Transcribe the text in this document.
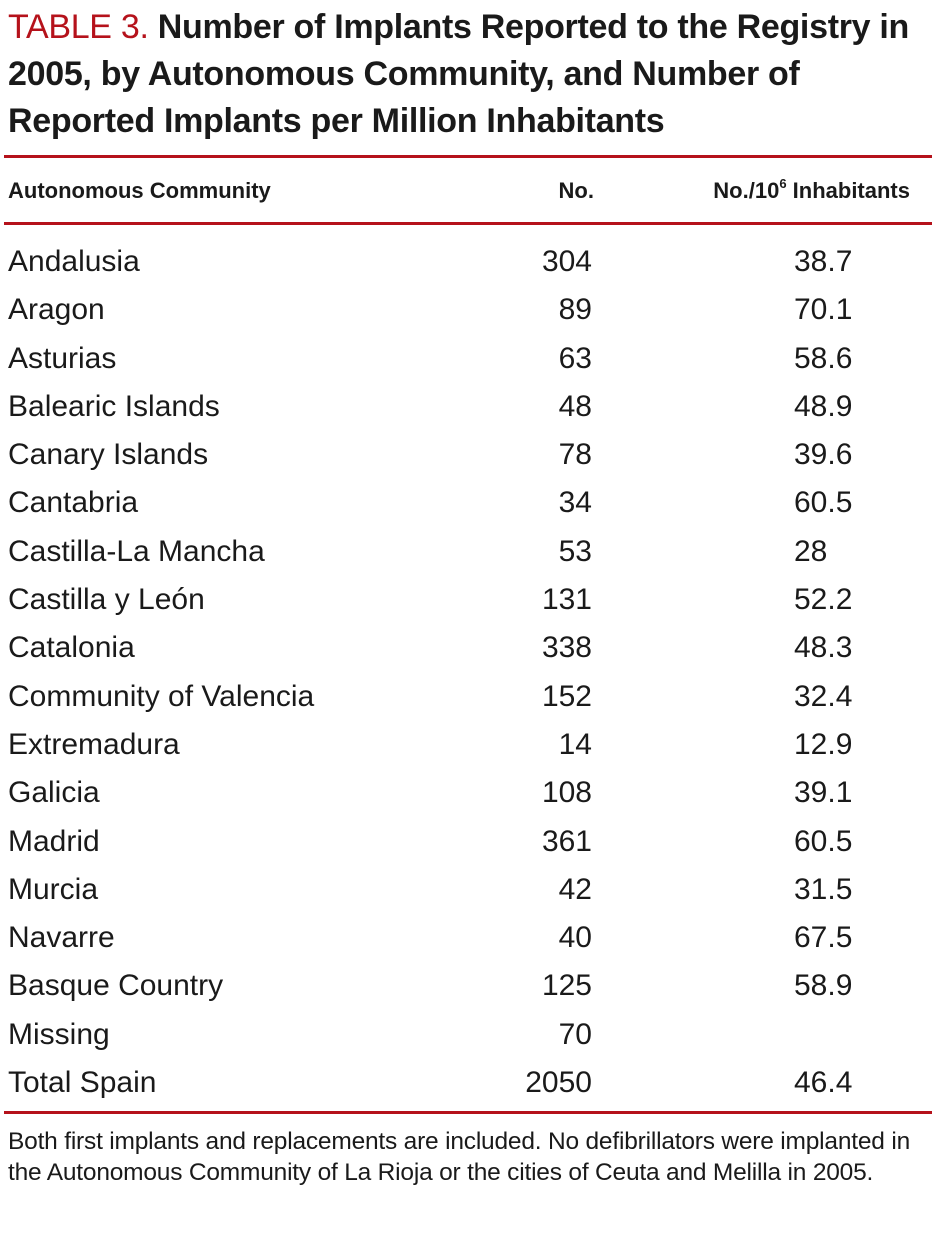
TABLE 3. Number of Implants Reported to the Registry in 2005, by Autonomous Community, and Number of Reported Implants per Million Inhabitants
Autonomous Community	No.	$No./10^6$ Inhabitants
Andalusia	304	38.7
Aragon	89	70.1
Asturias	63	58.6
Balearic Islands	48	48.9
Canary Islands	78	39.6
Cantabria	34	60.5
Castilla-La Mancha	53	28
Castilla y León	131	52.2
Catalonia	338	48.3
Community of Valencia	152	32.4
Extremadura	14	12.9
Galicia	108	39.1
Madrid	361	60.5
Murcia	42	31.5
Navarre	40	67.5
Basque Country	125	58.9
Missing	70
Total Spain	2050	46.4
Both first implants and replacements are included. No defibrillators were implanted in the Autonomous Community of La Rioja or the cities of Ceuta and Melilla in 2005.
